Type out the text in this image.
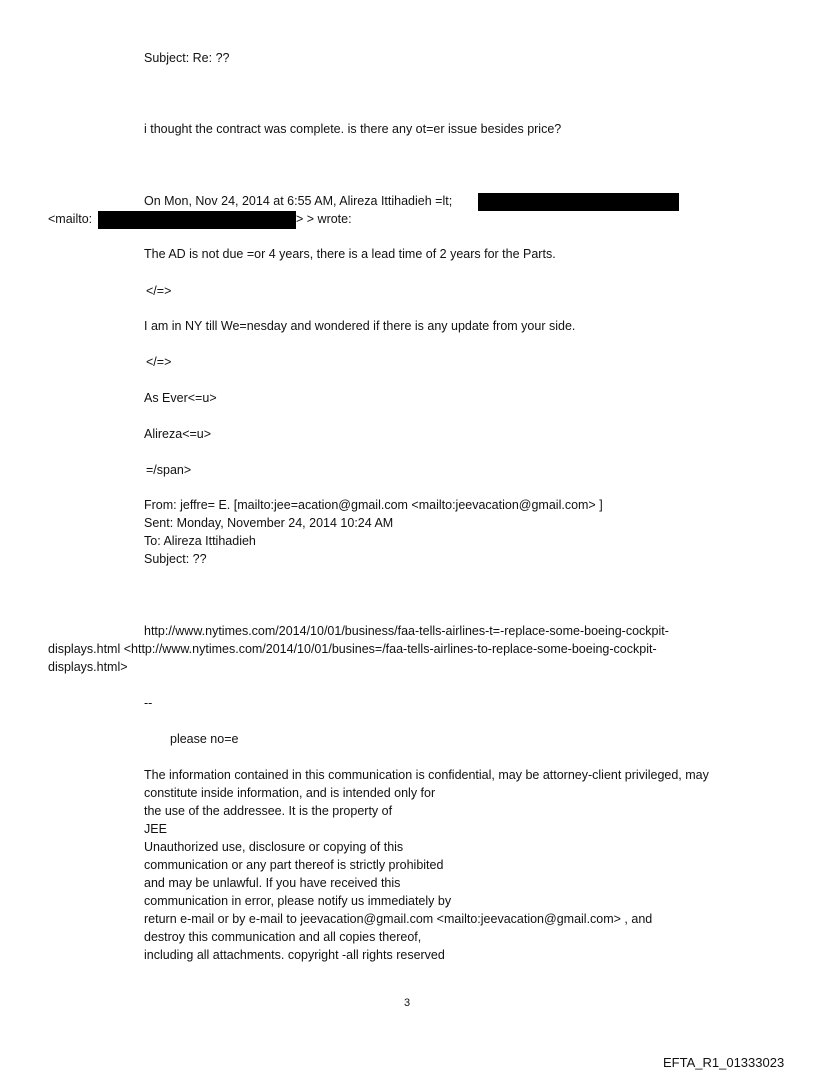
Subject: Re: ??
i thought the contract was complete. is there any ot=er issue besides price?
On Mon, Nov 24, 2014 at 6:55 AM, Alireza Ittihadieh =lt;
<mailto:	> > wrote:
The AD is not due =or 4 years, there is a lead time of 2 years for the Parts.
</=>
I am in NY till We=nesday and wondered if there is any update from your side.
</=>
As Ever<=u>
Alireza<=u>
=/span>
From: jeffre= E. [mailto:jee=acation@gmail.com <mailto:jeevacation@gmail.com> ]
Sent: Monday, November 24, 2014 10:24 AM
To: Alireza Ittihadieh
Subject: ??
http://www.nytimes.com/2014/10/01/business/faa-tells-airlines-t=-replace-some-boeing-cockpit-
displays.html <http://www.nytimes.com/2014/10/01/busines=/faa-tells-airlines-to-replace-some-boeing-cockpit-
displays.html>
--
please no=e
The information contained in this communication is confidential, may be attorney-client privileged, may
constitute inside information, and is intended only for
the use of the addressee. It is the property of
JEE
Unauthorized use, disclosure or copying of this
communication or any part thereof is strictly prohibited
and may be unlawful. If you have received this
communication in error, please notify us immediately by
return e-mail or by e-mail to jeevacation@gmail.com <mailto:jeevacation@gmail.com> , and
destroy this communication and all copies thereof,
including all attachments. copyright -all rights reserved
3
EFTA_R1_01333023
